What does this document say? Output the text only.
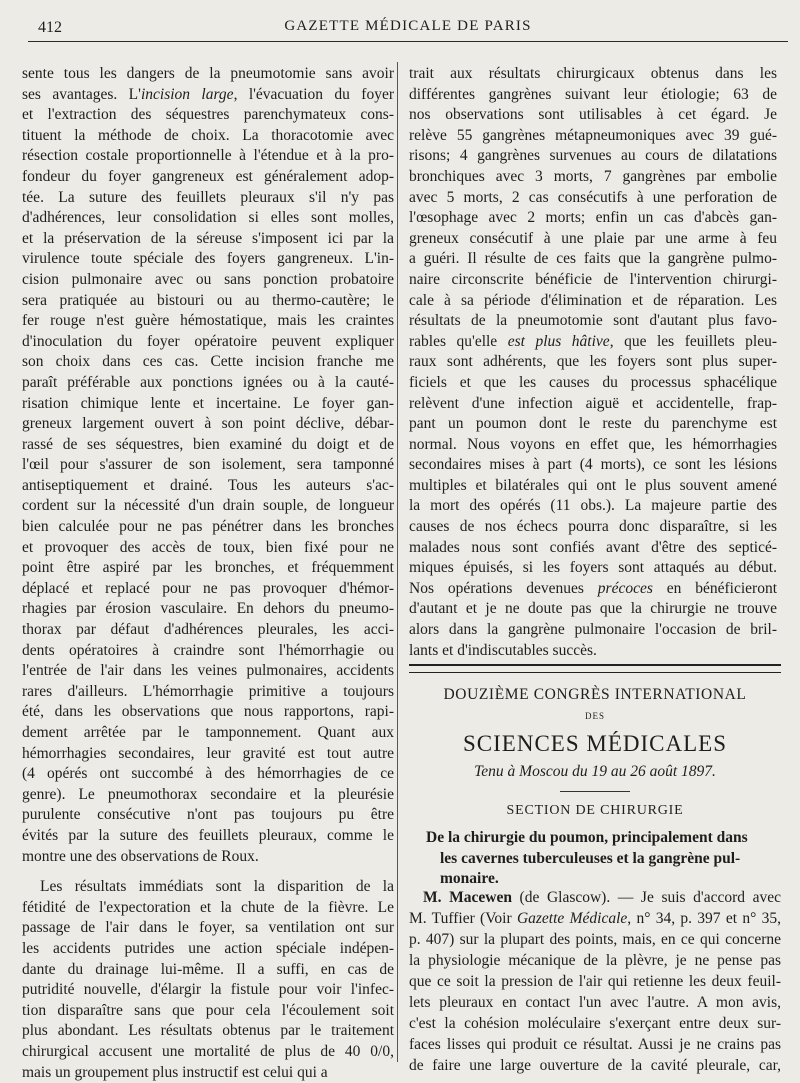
412	GAZETTE MÉDICALE DE PARIS
sente tous les dangers de la pneumotomie sans avoir
ses avantages. L'incision large, l'évacuation du foyer
et l'extraction des séquestres parenchymateux cons-
tituent la méthode de choix. La thoracotomie avec
résection costale proportionnelle à l'étendue et à la pro-
fondeur du foyer gangreneux est généralement adop-
tée. La suture des feuillets pleuraux s'il n'y pas
d'adhérences, leur consolidation si elles sont molles,
et la préservation de la séreuse s'imposent ici par la
virulence toute spéciale des foyers gangreneux. L'in-
cision pulmonaire avec ou sans ponction probatoire
sera pratiquée au bistouri ou au thermo-cautère; le
fer rouge n'est guère hémostatique, mais les craintes
d'inoculation du foyer opératoire peuvent expliquer
son choix dans ces cas. Cette incision franche me
paraît préférable aux ponctions ignées ou à la cauté-
risation chimique lente et incertaine. Le foyer gan-
greneux largement ouvert à son point déclive, débar-
rassé de ses séquestres, bien examiné du doigt et de
l'œil pour s'assurer de son isolement, sera tamponné
antiseptiquement et drainé. Tous les auteurs s'ac-
cordent sur la nécessité d'un drain souple, de longueur
bien calculée pour ne pas pénétrer dans les bronches
et provoquer des accès de toux, bien fixé pour ne
point être aspiré par les bronches, et fréquemment
déplacé et replacé pour ne pas provoquer d'hémor-
rhagies par érosion vasculaire. En dehors du pneumo-
thorax par défaut d'adhérences pleurales, les acci-
dents opératoires à craindre sont l'hémorrhagie ou
l'entrée de l'air dans les veines pulmonaires, accidents
rares d'ailleurs. L'hémorrhagie primitive a toujours
été, dans les observations que nous rapportons, rapi-
dement arrêtée par le tamponnement. Quant aux
hémorrhagies secondaires, leur gravité est tout autre
(4 opérés ont succombé à des hémorrhagies de ce
genre). Le pneumothorax secondaire et la pleurésie
purulente consécutive n'ont pas toujours pu être
évités par la suture des feuillets pleuraux, comme le
montre une des observations de Roux.
Les résultats immédiats sont la disparition de la
fétidité de l'expectoration et la chute de la fièvre. Le
passage de l'air dans le foyer, sa ventilation ont sur
les accidents putrides une action spéciale indépen-
dante du drainage lui-même. Il a suffi, en cas de
putridité nouvelle, d'élargir la fistule pour voir l'infec-
tion disparaître sans que pour cela l'écoulement soit
plus abondant. Les résultats obtenus par le traitement
chirurgical accusent une mortalité de plus de 40 0/0,
mais un groupement plus instructif est celui qui a
trait aux résultats chirurgicaux obtenus dans les
différentes gangrènes suivant leur étiologie; 63 de
nos observations sont utilisables à cet égard. Je
relève 55 gangrènes métapneumoniques avec 39 gué-
risons; 4 gangrènes survenues au cours de dilatations
bronchiques avec 3 morts, 7 gangrènes par embolie
avec 5 morts, 2 cas consécutifs à une perforation de
l'œsophage avec 2 morts; enfin un cas d'abcès gan-
greneux consécutif à une plaie par une arme à feu
a guéri. Il résulte de ces faits que la gangrène pulmo-
naire circonscrite bénéficie de l'intervention chirurgi-
cale à sa période d'élimination et de réparation. Les
résultats de la pneumotomie sont d'autant plus favo-
rables qu'elle est plus hâtive, que les feuillets pleu-
raux sont adhérents, que les foyers sont plus super-
ficiels et que les causes du processus sphacélique
relèvent d'une infection aiguë et accidentelle, frap-
pant un poumon dont le reste du parenchyme est
normal. Nous voyons en effet que, les hémorrhagies
secondaires mises à part (4 morts), ce sont les lésions
multiples et bilatérales qui ont le plus souvent amené
la mort des opérés (11 obs.). La majeure partie des
causes de nos échecs pourra donc disparaître, si les
malades nous sont confiés avant d'être des septicé-
miques épuisés, si les foyers sont attaqués au début.
Nos opérations devenues précoces en bénéficieront
d'autant et je ne doute pas que la chirurgie ne trouve
alors dans la gangrène pulmonaire l'occasion de bril-
lants et d'indiscutables succès.
DOUZIÈME CONGRÈS INTERNATIONAL
DES
SCIENCES MÉDICALES
Tenu à Moscou du 19 au 26 août 1897.
SECTION DE CHIRURGIE
De la chirurgie du poumon, principalement dans
les cavernes tuberculeuses et la gangrène pul-
monaire.
M. Macewen (de Glascow). — Je suis d'accord avec
M. Tuffier (Voir Gazette Médicale, n° 34, p. 397 et n° 35,
p. 407) sur la plupart des points, mais, en ce qui concerne
la physiologie mécanique de la plèvre, je ne pense pas
que ce soit la pression de l'air qui retienne les deux feuil-
lets pleuraux en contact l'un avec l'autre. A mon avis,
c'est la cohésion moléculaire s'exerçant entre deux sur-
faces lisses qui produit ce résultat. Aussi je ne crains pas
de faire une large ouverture de la cavité pleurale, car,
